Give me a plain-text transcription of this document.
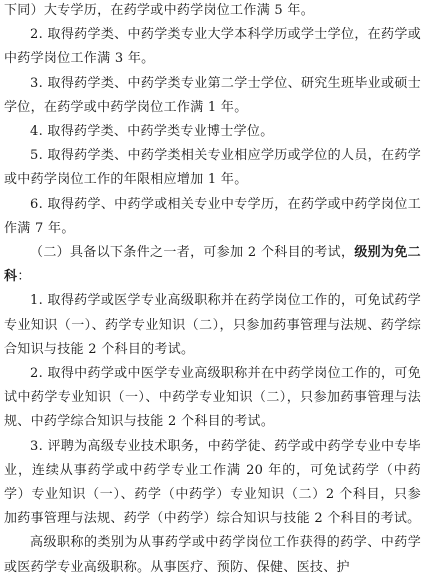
下同）大专学历，在药学或中药学岗位工作满 5 年。

2. 取得药学类、中药学类专业大学本科学历或学士学位，在药学或中药学岗位工作满 3 年。

3. 取得药学类、中药学类专业第二学士学位、研究生班毕业或硕士学位，在药学或中药学岗位工作满 1 年。

4. 取得药学类、中药学类专业博士学位。

5. 取得药学类、中药学类相关专业相应学历或学位的人员，在药学或中药学岗位工作的年限相应增加 1 年。

6. 取得药学、中药学或相关专业中专学历，在药学或中药学岗位工作满 7 年。

（二）具备以下条件之一者，可参加 2 个科目的考试，级别为免二科：

1. 取得药学或医学专业高级职称并在药学岗位工作的，可免试药学专业知识（一）、药学专业知识（二），只参加药事管理与法规、药学综合知识与技能 2 个科目的考试。

2. 取得中药学或中医学专业高级职称并在中药学岗位工作的，可免试中药学专业知识（一）、中药学专业知识（二），只参加药事管理与法规、中药学综合知识与技能 2 个科目的考试。

3. 评聘为高级专业技术职务，中药学徒、药学或中药学专业中专毕业，连续从事药学或中药学专业工作满 20 年的，可免试药学（中药学）专业知识（一）、药学（中药学）专业知识（二）2 个科目，只参加药事管理与法规、药学（中药学）综合知识与技能 2 个科目的考试。

高级职称的类别为从事药学或中药学岗位工作获得的药学、中药学或医药学专业高级职称。从事医疗、预防、保健、医技、护
